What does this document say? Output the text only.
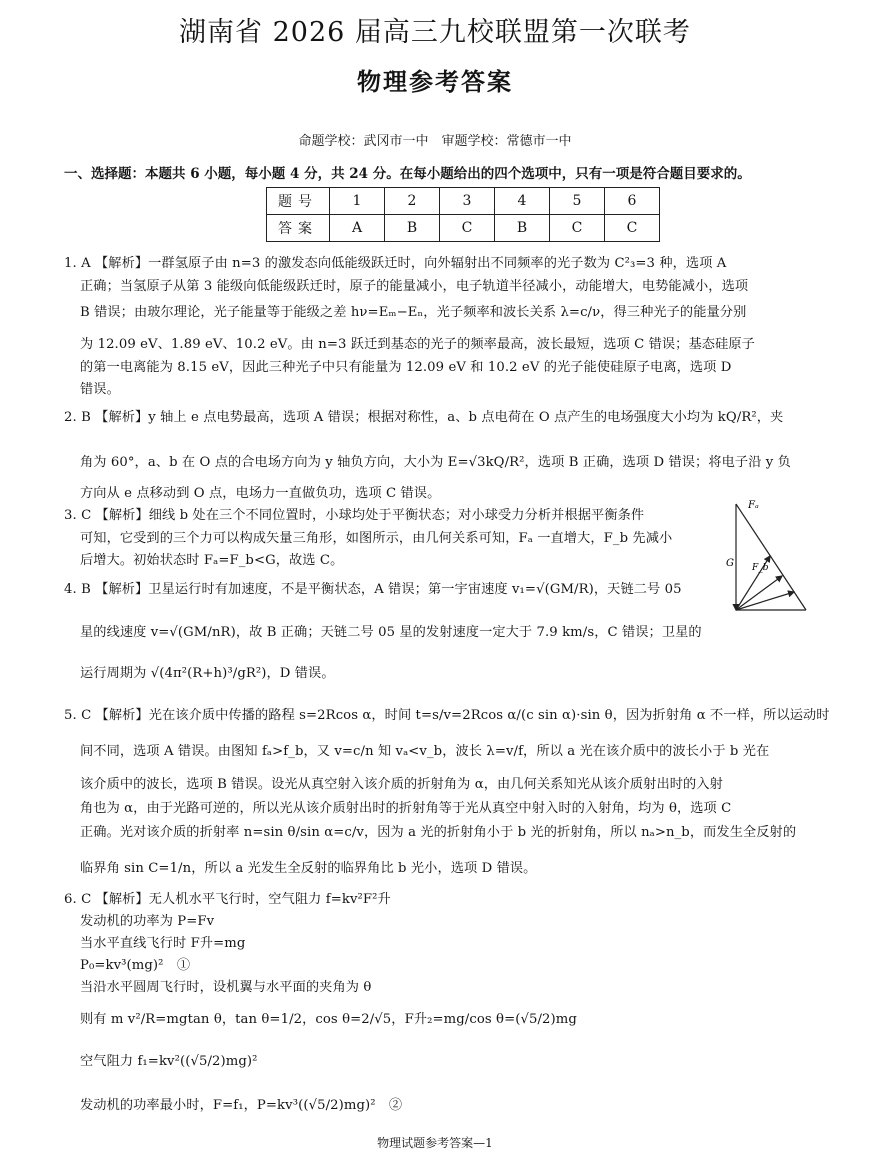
湖南省 2026 届高三九校联盟第一次联考
物理参考答案
命题学校：武冈市一中　审题学校：常德市一中
一、选择题：本题共 6 小题，每小题 4 分，共 24 分。在每小题给出的四个选项中，只有一项是符合题目要求的。
题号	1	2	3	4	5	6
答案	A	B	C	B	C	C
1. A 【解析】一群氢原子由 n=3 的激发态向低能级跃迁时，向外辐射出不同频率的光子数为 C²₃=3 种，选项 A
正确；当氢原子从第 3 能级向低能级跃迁时，原子的能量减小，电子轨道半径减小，动能增大，电势能减小，选项
B 错误；由玻尔理论，光子能量等于能级之差 hν=Eₘ−Eₙ，光子频率和波长关系 λ=c/ν，得三种光子的能量分别
为 12.09 eV、1.89 eV、10.2 eV。由 n=3 跃迁到基态的光子的频率最高，波长最短，选项 C 错误；基态硅原子
的第一电离能为 8.15 eV，因此三种光子中只有能量为 12.09 eV 和 10.2 eV 的光子能使硅原子电离，选项 D
错误。
2. B 【解析】y 轴上 e 点电势最高，选项 A 错误；根据对称性，a、b 点电荷在 O 点产生的电场强度大小均为 kQ/R²，夹
角为 60°，a、b 在 O 点的合电场方向为 y 轴负方向，大小为 E=√3kQ/R²，选项 B 正确，选项 D 错误；将电子沿 y 负
方向从 e 点移动到 O 点，电场力一直做负功，选项 C 错误。
3. C 【解析】细线 b 处在三个不同位置时，小球均处于平衡状态；对小球受力分析并根据平衡条件
可知，它受到的三个力可以构成矢量三角形，如图所示，由几何关系可知，Fₐ 一直增大，F_b 先减小
后增大。初始状态时 Fₐ=F_b<G，故选 C。
4. B 【解析】卫星运行时有加速度，不是平衡状态，A 错误；第一宇宙速度 v₁=√(GM/R)，天链二号 05
星的线速度 v=√(GM/nR)，故 B 正确；天链二号 05 星的发射速度一定大于 7.9 km/s，C 错误；卫星的
运行周期为 √(4π²(R+h)³/gR²)，D 错误。
5. C 【解析】光在该介质中传播的路程 s=2Rcos α，时间 t=s/v=2Rcos α/(c sin α)·sin θ，因为折射角 α 不一样，所以运动时
间不同，选项 A 错误。由图知 fₐ>f_b，又 v=c/n 知 vₐ<v_b，波长 λ=v/f，所以 a 光在该介质中的波长小于 b 光在
该介质中的波长，选项 B 错误。设光从真空射入该介质的折射角为 α，由几何关系知光从该介质射出时的入射
角也为 α，由于光路可逆的，所以光从该介质射出时的折射角等于光从真空中射入时的入射角，均为 θ，选项 C
正确。光对该介质的折射率 n=sin θ/sin α=c/v，因为 a 光的折射角小于 b 光的折射角，所以 nₐ>n_b，而发生全反射的
临界角 sin C=1/n，所以 a 光发生全反射的临界角比 b 光小，选项 D 错误。
6. C 【解析】无人机水平飞行时，空气阻力 f=kv²F²升
发动机的功率为 P=Fv
当水平直线飞行时 F升=mg
P₀=kv³(mg)²　①
当沿水平圆周飞行时，设机翼与水平面的夹角为 θ
则有 m v²/R=mgtan θ，tan θ=1/2，cos θ=2/√5，F升₂=mg/cos θ=(√5/2)mg
空气阻力 f₁=kv²((√5/2)mg)²
发动机的功率最小时，F=f₁，P=kv³((√5/2)mg)²　②
Fₐ
G F_b
物理试题参考答案—1
